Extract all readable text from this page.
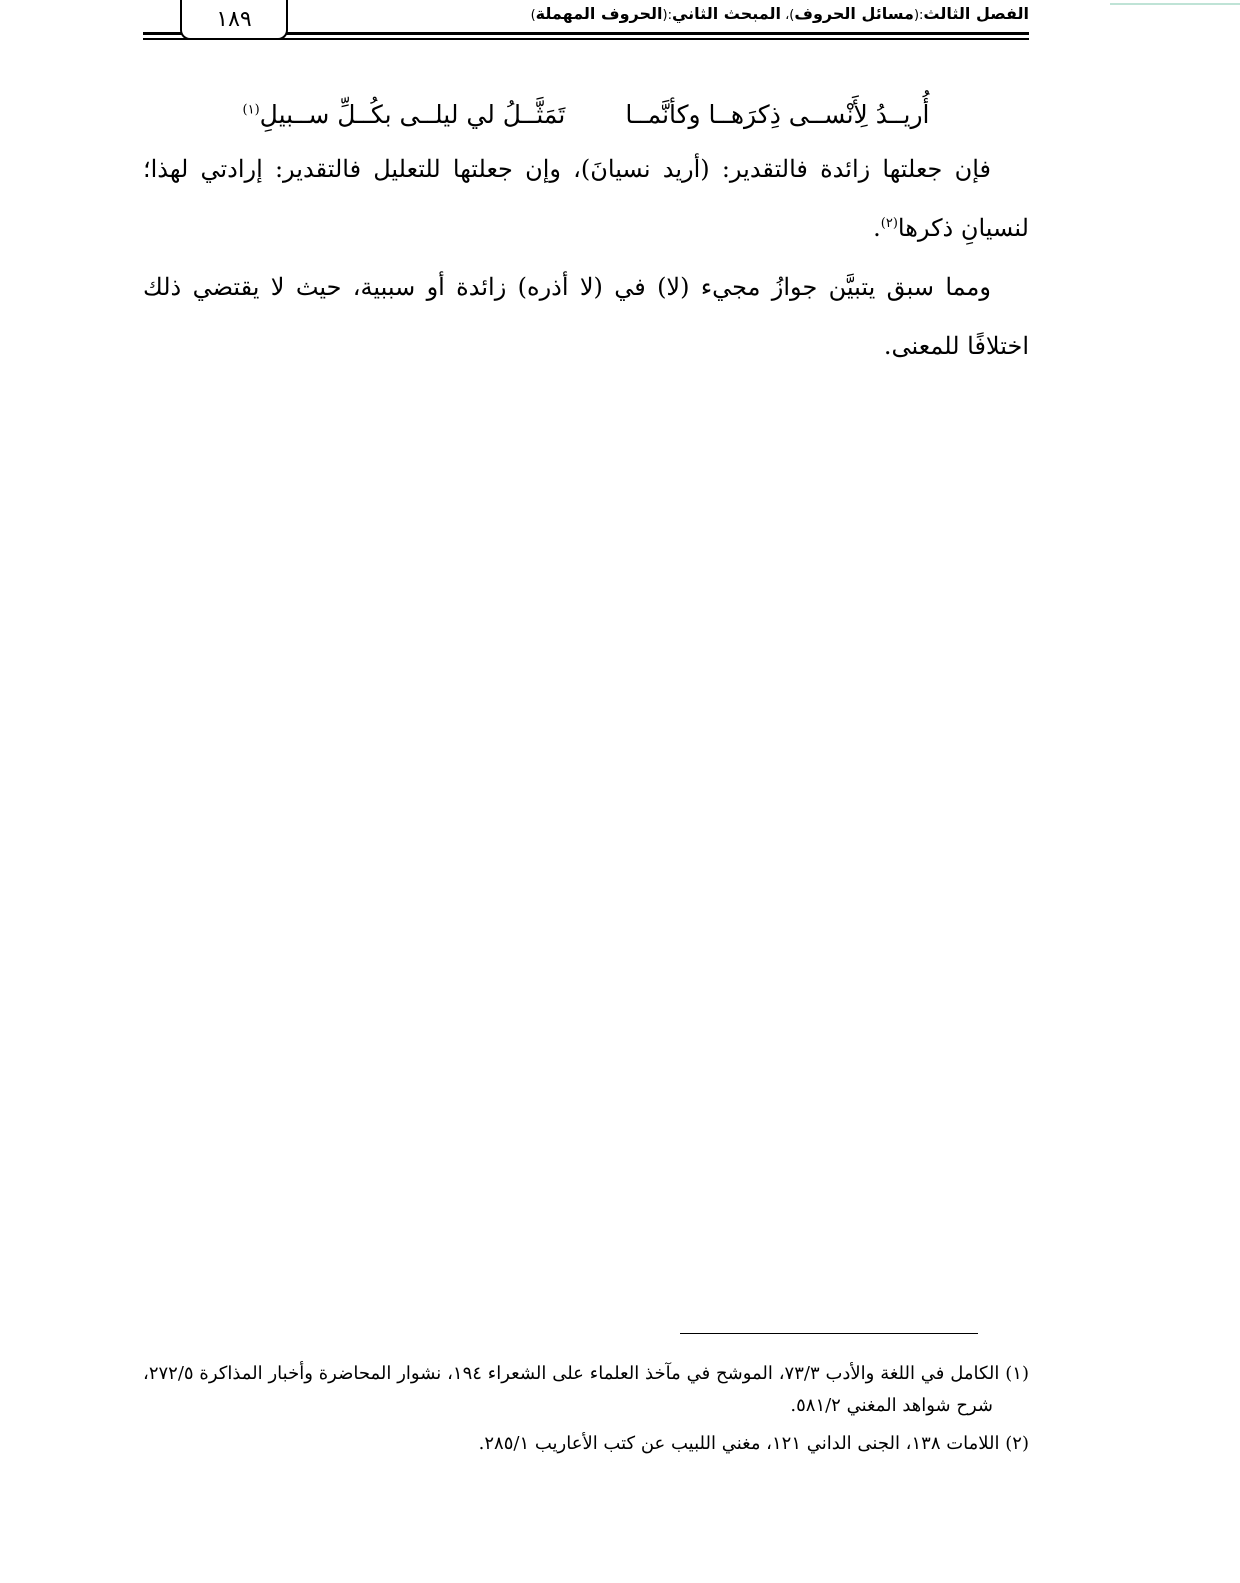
١٨٩	الفصل الثالث:(مسائل الحروف)، المبحث الثاني:(الحروف المهملة)
أُريــدُ لِأَنْســى ذِكرَهــا وكأنَّمــا
تَمَثَّــلُ لي ليلــى بكُــلِّ ســبيلِ$^{(١)}$

فإن جعلتها زائدة فالتقدير: (أريد نسيانَ)، وإن جعلتها للتعليل فالتقدير: إرادتي لهذا؛ لنسيانِ ذكرها$^{(٢)}$.

ومما سبق يتبيَّن جوازُ مجيء (لا) في (لا أذره) زائدة أو سببية، حيث لا يقتضي ذلك اختلافًا للمعنى.

(١) الكامل في اللغة والأدب ٧٣/٣، الموشح في مآخذ العلماء على الشعراء ١٩٤، نشوار المحاضرة وأخبار المذاكرة ٢٧٢/٥، شرح شواهد المغني ٥٨١/٢.

(٢) اللامات ١٣٨، الجنى الداني ١٢١، مغني اللبيب عن كتب الأعاريب ٢٨٥/١.
